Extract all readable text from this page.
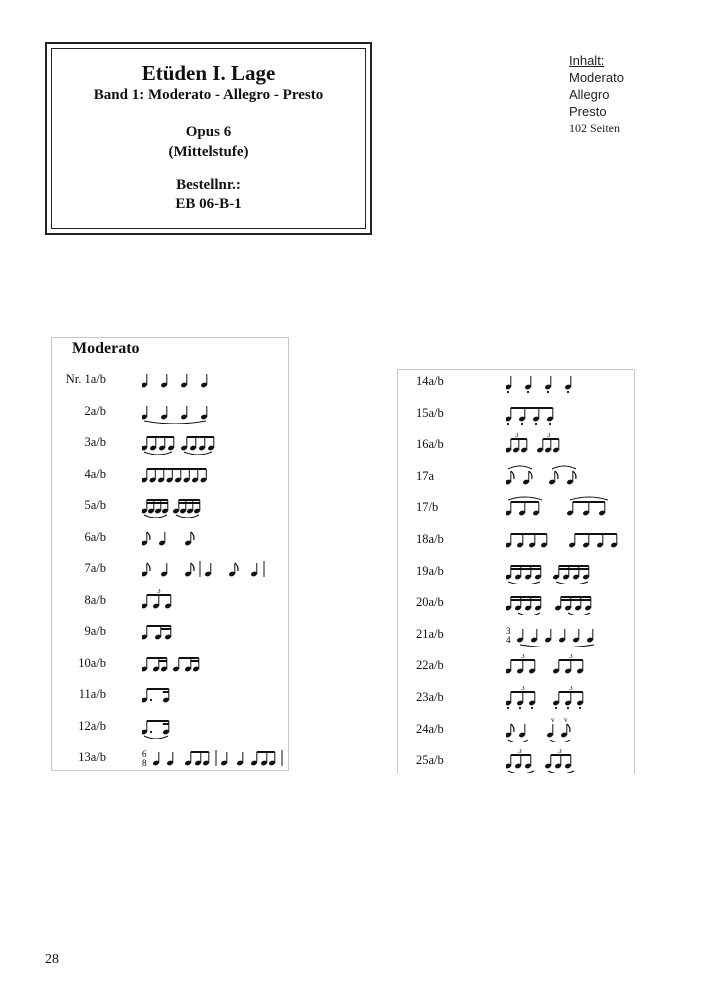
Etüden I. Lage
Band 1: Moderato - Allegro - Presto
Opus 6
(Mittelstufe)
Bestellnr.:
EB 06-B-1
Inhalt:
Moderato
Allegro
Presto
102 Seiten
Moderato
Nr. 1a/b
2a/b
3a/b
4a/b
5a/b
6a/b
7a/b
8a/b
3
9a/b
10a/b
11a/b
12a/b
13a/b	6
8
14a/b
15a/b
16a/b
3	3
17a
17/b
18a/b
19a/b
20a/b
21a/b	3
4
22a/b
3	3
23a/b
3	3
24a/b
v v
25a/b
3	3
28
